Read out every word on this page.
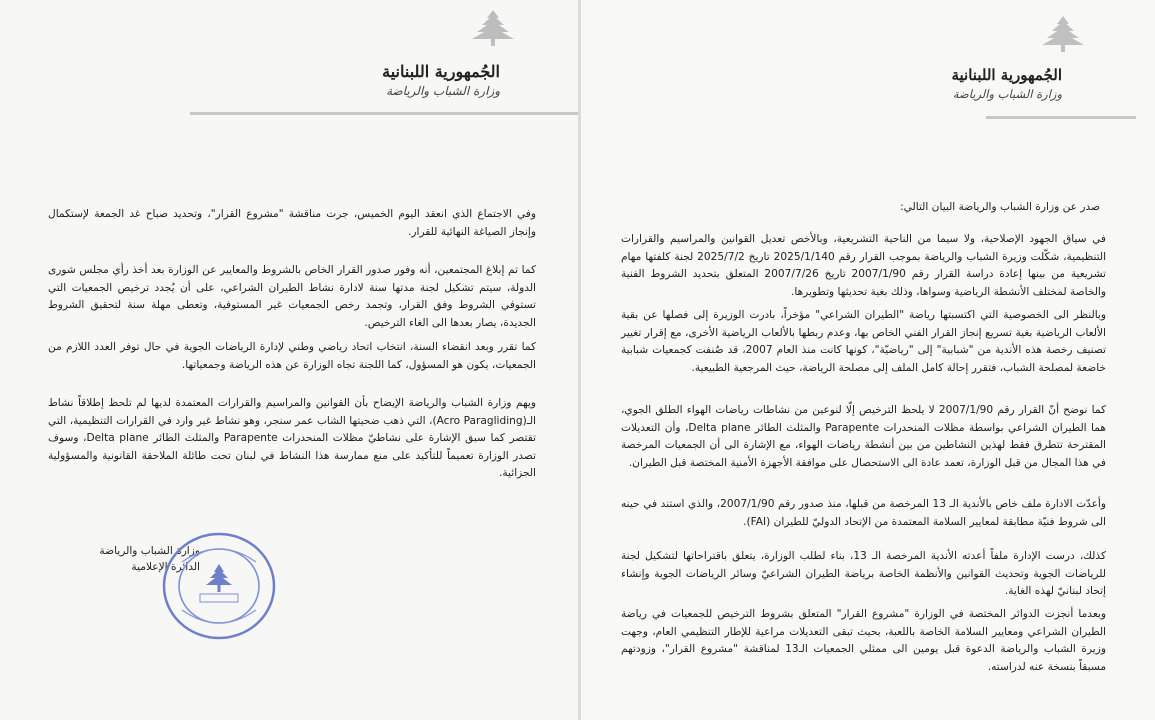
الجُمهورية اللبنانية
وزارة الشباب والرياضة

وفي الاجتماع الذي انعقد اليوم الخميس، جرت مناقشة "مشروع القرار"، وتحديد صباح غد الجمعة لإستكمال وإنجاز الصياغة النهائية للقرار.

كما تم إبلاغ المجتمعين، أنه وفور صدور القرار الخاص بالشروط والمعايير عن الوزارة بعد أخذ رأي مجلس شورى الدولة، سيتم تشكيل لجنة مدتها سنة لادارة نشاط الطيران الشراعي، على أن يُجدد ترخيص الجمعيات التي تستوفي الشروط وفق القرار، وتجمد رخص الجمعيات غير المستوفية، وتعطى مهلة سنة لتحقيق الشروط الجديدة، يصار بعدها الى الغاء الترخيص.

كما تقرر وبعد انقضاء السنة، انتخاب اتحاد رياضي وطني لإدارة الرياضات الجوية في حال توفر العدد اللازم من الجمعيات، يكون هو المسؤول، كما اللجنة تجاه الوزارة عن هذه الرياضة وجمعياتها.

ويهم وزارة الشباب والرياضة الإيضاح بأن القوانين والمراسيم والقرارات المعتمدة لديها لم تلحظ إطلاقاً نشاط الـ(Acro Paragliding)، التي ذهب ضحيتها الشاب عمر سنجر، وهو نشاط غير وارد في القرارات التنظيمية، التي تقتصر كما سبق الإشارة على نشاطيّ مظلات المنحدرات Parapente والمثلث الطائر Delta plane، وسوف تصدر الوزارة تعميماً للتأكيد على منع ممارسة هذا النشاط في لبنان تحت طائلة الملاحقة القانونية والمسؤولية الجزائية.

وزارة الشباب والرياضة
الدائرة الإعلامية
الجُمهورية اللبنانية
وزارة الشباب والرياضة

صدر عن وزارة الشباب والرياضة البيان التالي:

في سياق الجهود الإصلاحية، ولا سيما من الناحية التشريعية، وبالأخص تعديل القوانين والمراسيم والقرارات التنظيمية، شكّلت وزيرة الشباب والرياضة بموجب القرار رقم 2025/1/140 تاريخ 2025/7/2 لجنة كلفتها مهام تشريعية من بينها إعادة دراسة القرار رقم 2007/1/90 تاريخ 2007/7/26 المتعلق بتحديد الشروط الفنية والخاصة لمختلف الأنشطة الرياضية وسواها، وذلك بغية تحديثها وتطويرها.

وبالنظر الى الخصوصية التي اكتسبتها رياضة "الطيران الشراعي" مؤخراً، بادرت الوزيرة إلى فصلها عن بقية الألعاب الرياضية بغية تسريع إنجاز القرار الفني الخاص بها، وعدم ربطها بالألعاب الرياضية الأخرى، مع إقرار تغيير تصنيف رخصة هذه الأندية من "شبابية" إلى "رياضيّة"، كونها كانت منذ العام 2007، قد صُنفت كجمعيات شبابية خاضعة لمصلحة الشباب، فتقرر إحالة كامل الملف إلى مصلحة الرياضة، حيث المرجعية الطبيعية.

كما نوضح أنّ القرار رقم 2007/1/90 لا يلحظ الترخيص إلّا لنوعين من نشاطات رياضات الهواء الطلق الجوي، هما الطيران الشراعي بواسطة مظلات المنحدرات Parapente والمثلث الطائر Delta plane، وأن التعديلات المقترحة تتطرق فقط لهذين النشاطين من بين أنشطة رياضات الهواء، مع الإشارة الى أن الجمعيات المرخصة في هذا المجال من قبل الوزارة، تعمد عادة الى الاستحصال على موافقة الأجهزة الأمنية المختصة قبل الطيران.

وأعدّت الادارة ملف خاص بالأندية الـ 13 المرخصة من قبلها، منذ صدور رقم 2007/1/90، والذي استند في حينه الى شروط فنيّة مطابقة لمعايير السلامة المعتمدة من الإتحاد الدوليّ للطيران (FAI).

كذلك، درست الإدارة ملفاً أعدته الأندية المرخصة الـ 13، بناء لطلب الوزارة، يتعلق باقتراحاتها لتشكيل لجنة للرياضات الجوية وتحديث القوانين والأنظمة الخاصة برياضة الطيران الشراعيّ وسائر الرياضات الجوية وإنشاء إتحاد لبنانيّ لهذه الغاية.

وبعدما أنجزت الدوائر المختصة في الوزارة "مشروع القرار" المتعلق بشروط الترخيص للجمعيات في رياضة الطيران الشراعي ومعايير السلامة الخاصة باللعبة، بحيث تبقى التعديلات مراعية للإطار التنظيمي العام، وجهت وزيرة الشباب والرياضة الدعوة قبل يومين الى ممثلي الجمعيات الـ13 لمناقشة "مشروع القرار"، وزودتهم مسبقاً بنسخة عنه لدراسته.
